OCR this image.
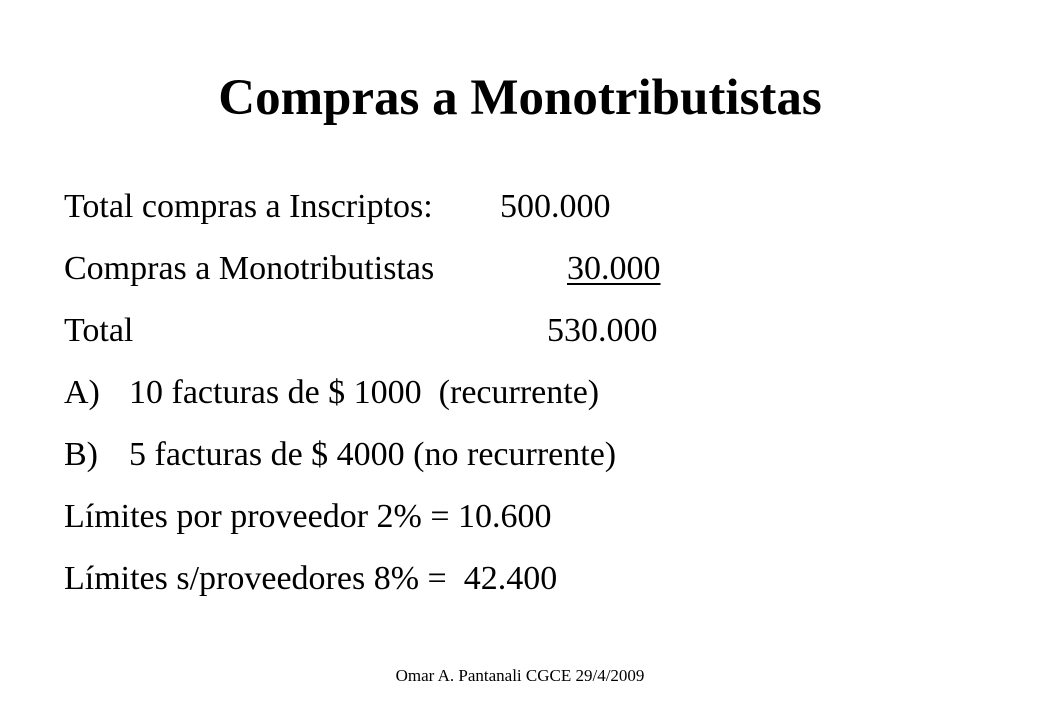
Compras a Monotributistas
Total compras a Inscriptos: 500.000
Compras a Monotributistas	30.000
Total	530.000
A) 10 facturas de $ 1000  (recurrente)
B) 5 facturas de $ 4000 (no recurrente)
Límites por proveedor 2% = 10.600
Límites s/proveedores 8% =  42.400
Omar A. Pantanali CGCE 29/4/2009
